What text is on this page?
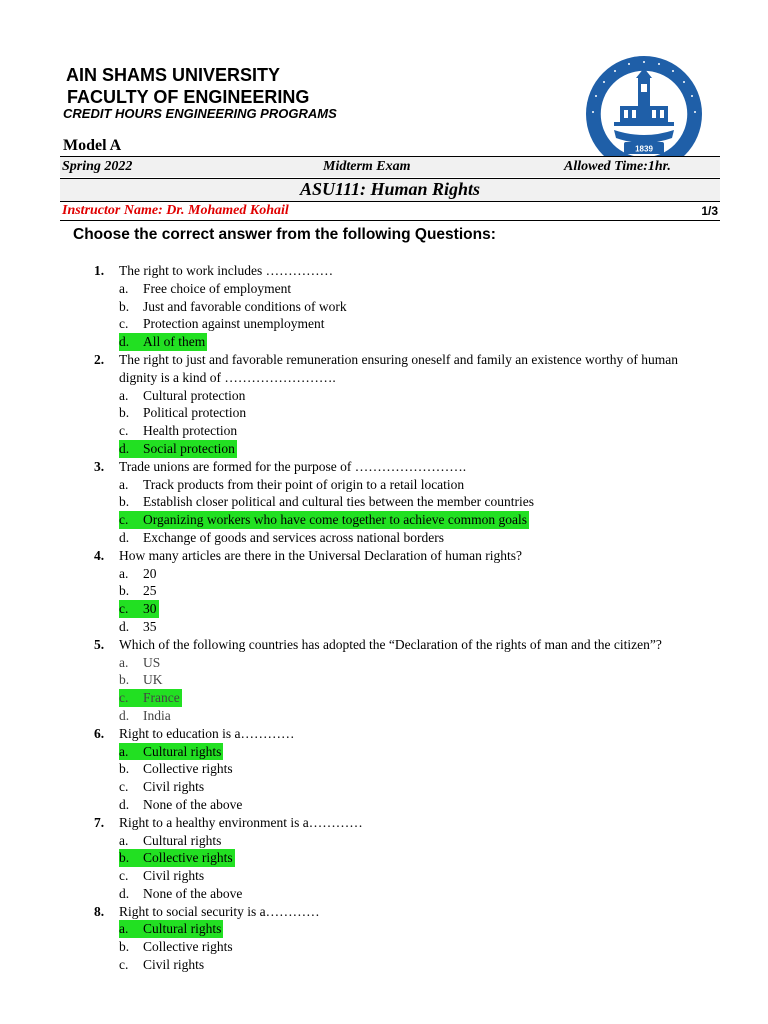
AIN SHAMS UNIVERSITY
FACULTY OF ENGINEERING
CREDIT HOURS ENGINEERING PROGRAMS
1839
Model A
Spring 2022	Midterm Exam	Allowed Time:1hr.
ASU111: Human Rights
Instructor Name: Dr. Mohamed Kohail	1/3
Choose the correct answer from the following Questions:
1. The right to work includes ……………
a. Free choice of employment
b. Just and favorable conditions of work
c. Protection against unemployment
d. All of them
2. The right to just and favorable remuneration ensuring oneself and family an existence worthy of human dignity is a kind of …………………….
a. Cultural protection
b. Political protection
c. Health protection
d. Social protection
3. Trade unions are formed for the purpose of …………………….
a. Track products from their point of origin to a retail location
b. Establish closer political and cultural ties between the member countries
c. Organizing workers who have come together to achieve common goals
d. Exchange of goods and services across national borders
4. How many articles are there in the Universal Declaration of human rights?
a. 20
b. 25
c. 30
d. 35
5. Which of the following countries has adopted the “Declaration of the rights of man and the citizen”?
a. US
b. UK
c. France
d. India
6. Right to education is a…………
a. Cultural rights
b. Collective rights
c. Civil rights
d. None of the above
7. Right to a healthy environment is a…………
a. Cultural rights
b. Collective rights
c. Civil rights
d. None of the above
8. Right to social security is a…………
a. Cultural rights
b. Collective rights
c. Civil rights
